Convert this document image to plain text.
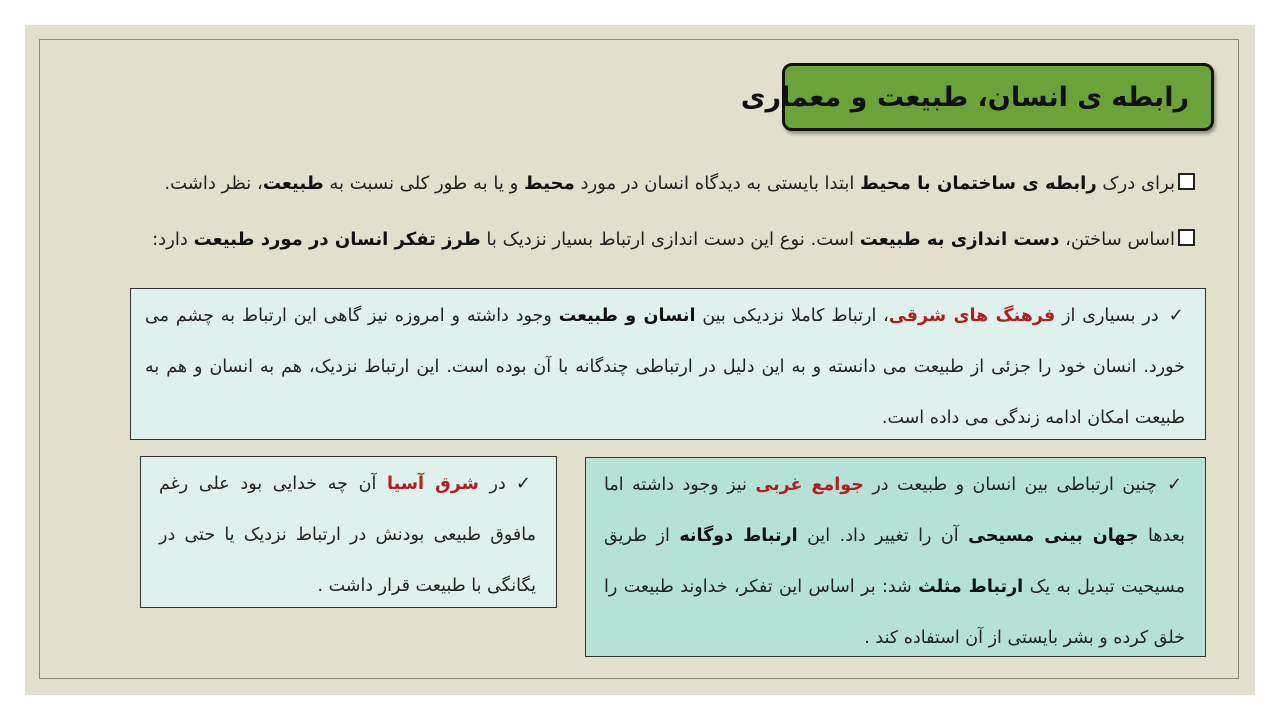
رابطه ی انسان، طبیعت و معماری
برای درک رابطه ی ساختمان با محیط ابتدا بایستی به دیدگاه انسان در مورد محیط و یا به طور کلی نسبت به طبیعت، نظر داشت.
اساس ساختن، دست اندازی به طبیعت است. نوع این دست اندازی ارتباط بسیار نزدیک با طرز تفکر انسان در مورد طبیعت دارد:
✓در بسیاری از فرهنگ های شرقی، ارتباط کاملا نزدیکی بین انسان و طبیعت وجود داشته و امروزه نیز گاهی این ارتباط به چشم می خورد. انسان خود را جزئی از طبیعت می دانسته و به این دلیل در ارتباطی چندگانه با آن بوده است. این ارتباط نزدیک، هم به انسان و هم به طبیعت امکان ادامه زندگی می داده است.
✓در شرق آسیا آن چه خدایی بود علی رغم مافوق طبیعی بودنش در ارتباط نزدیک یا حتی در یگانگی با طبیعت قرار داشت .
✓چنین ارتباطی بین انسان و طبیعت در جوامع غربی نیز وجود داشته اما بعدها جهان بینی مسیحی آن را تغییر داد. این ارتباط دوگانه از طریق مسیحیت تبدیل به یک ارتباط مثلث شد: بر اساس این تفکر، خداوند طبیعت را خلق کرده و بشر بایستی از آن استفاده کند .
